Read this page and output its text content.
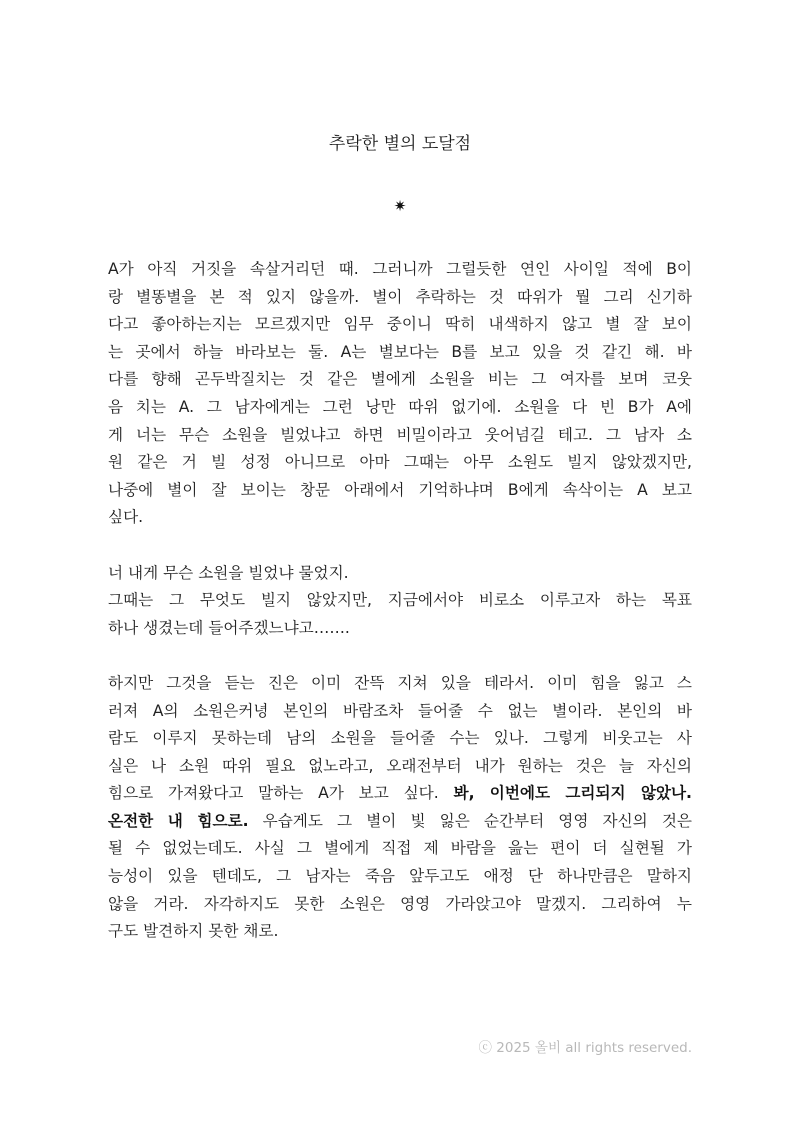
추락한 별의 도달점
✷
A가 아직 거짓을 속살거리던 때. 그러니까 그럴듯한 연인 사이일 적에 B이
랑 별똥별을 본 적 있지 않을까. 별이 추락하는 것 따위가 뭘 그리 신기하
다고 좋아하는지는 모르겠지만 임무 중이니 딱히 내색하지 않고 별 잘 보이
는 곳에서 하늘 바라보는 둘. A는 별보다는 B를 보고 있을 것 같긴 해. 바
다를 향해 곤두박질치는 것 같은 별에게 소원을 비는 그 여자를 보며 코웃
음 치는 A. 그 남자에게는 그런 낭만 따위 없기에. 소원을 다 빈 B가 A에
게 너는 무슨 소원을 빌었냐고 하면 비밀이라고 웃어넘길 테고. 그 남자 소
원 같은 거 빌 성정 아니므로 아마 그때는 아무 소원도 빌지 않았겠지만,
나중에 별이 잘 보이는 창문 아래에서 기억하냐며 B에게 속삭이는 A 보고
싶다.
너 내게 무슨 소원을 빌었냐 물었지.
그때는 그 무엇도 빌지 않았지만, 지금에서야 비로소 이루고자 하는 목표
하나 생겼는데 들어주겠느냐고…….
하지만 그것을 듣는 진은 이미 잔뜩 지쳐 있을 테라서. 이미 힘을 잃고 스
러져 A의 소원은커녕 본인의 바람조차 들어줄 수 없는 별이라. 본인의 바
람도 이루지 못하는데 남의 소원을 들어줄 수는 있나. 그렇게 비웃고는 사
실은 나 소원 따위 필요 없노라고, 오래전부터 내가 원하는 것은 늘 자신의
힘으로 가져왔다고 말하는 A가 보고 싶다. 봐, 이번에도 그리되지 않았나.
온전한 내 힘으로. 우습게도 그 별이 빛 잃은 순간부터 영영 자신의 것은
될 수 없었는데도. 사실 그 별에게 직접 제 바람을 읊는 편이 더 실현될 가
능성이 있을 텐데도, 그 남자는 죽음 앞두고도 애정 단 하나만큼은 말하지
않을 거라. 자각하지도 못한 소원은 영영 가라앉고야 말겠지. 그리하여 누
구도 발견하지 못한 채로.
ⓒ 2025 올비 all rights reserved.
